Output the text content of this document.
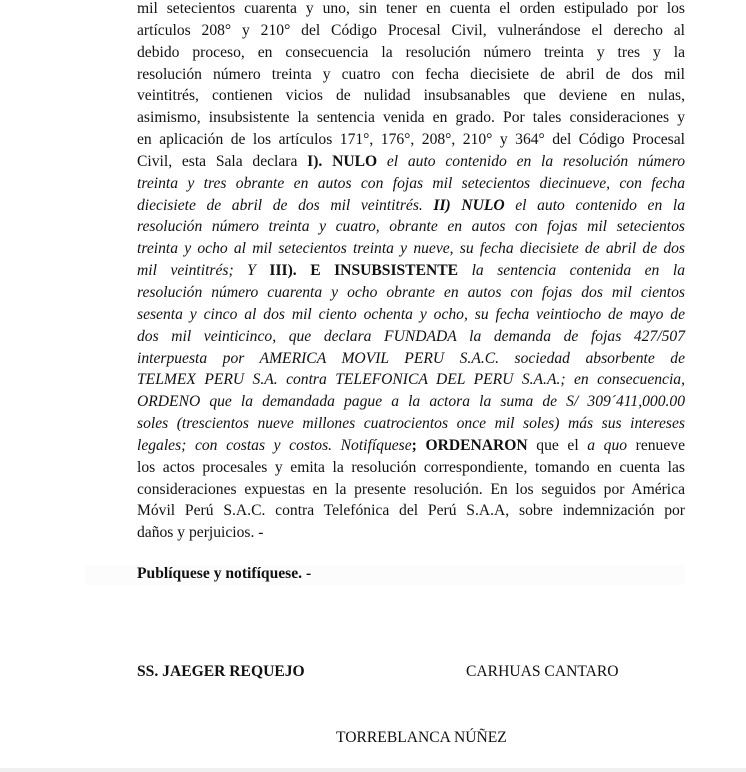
mil setecientos cuarenta y uno, sin tener en cuenta el orden estipulado por los
artículos 208° y 210° del Código Procesal Civil, vulnerándose el derecho al
debido proceso, en consecuencia la resolución número treinta y tres y la
resolución número treinta y cuatro con fecha diecisiete de abril de dos mil
veintitrés, contienen vicios de nulidad insubsanables que deviene en nulas,
asimismo, insubsistente la sentencia venida en grado. Por tales consideraciones y
en aplicación de los artículos 171°, 176°, 208°, 210° y 364° del Código Procesal
Civil, esta Sala declara I). NULO el auto contenido en la resolución número
treinta y tres obrante en autos con fojas mil setecientos diecinueve, con fecha
diecisiete de abril de dos mil veintitrés. II) NULO el auto contenido en la
resolución número treinta y cuatro, obrante en autos con fojas mil setecientos
treinta y ocho al mil setecientos treinta y nueve, su fecha diecisiete de abril de dos
mil veintitrés; Y III). E INSUBSISTENTE la sentencia contenida en la
resolución número cuarenta y ocho obrante en autos con fojas dos mil cientos
sesenta y cinco al dos mil ciento ochenta y ocho, su fecha veintiocho de mayo de
dos mil veinticinco, que declara FUNDADA la demanda de fojas 427/507
interpuesta por AMERICA MOVIL PERU S.A.C. sociedad absorbente de
TELMEX PERU S.A. contra TELEFONICA DEL PERU S.A.A.; en consecuencia,
ORDENO que la demandada pague a la actora la suma de S/ 309´411,000.00
soles (trescientos nueve millones cuatrocientos once mil soles) más sus intereses
legales; con costas y costos. Notifíquese; ORDENARON que el a quo renueve
los actos procesales y emita la resolución correspondiente, tomando en cuenta las
consideraciones expuestas en la presente resolución. En los seguidos por América
Móvil Perú S.A.C. contra Telefónica del Perú S.A.A, sobre indemnización por
daños y perjuicios. -
Publíquese y notifíquese. -
SS. JAEGER REQUEJO	CARHUAS CANTARO
TORREBLANCA NÚÑEZ
